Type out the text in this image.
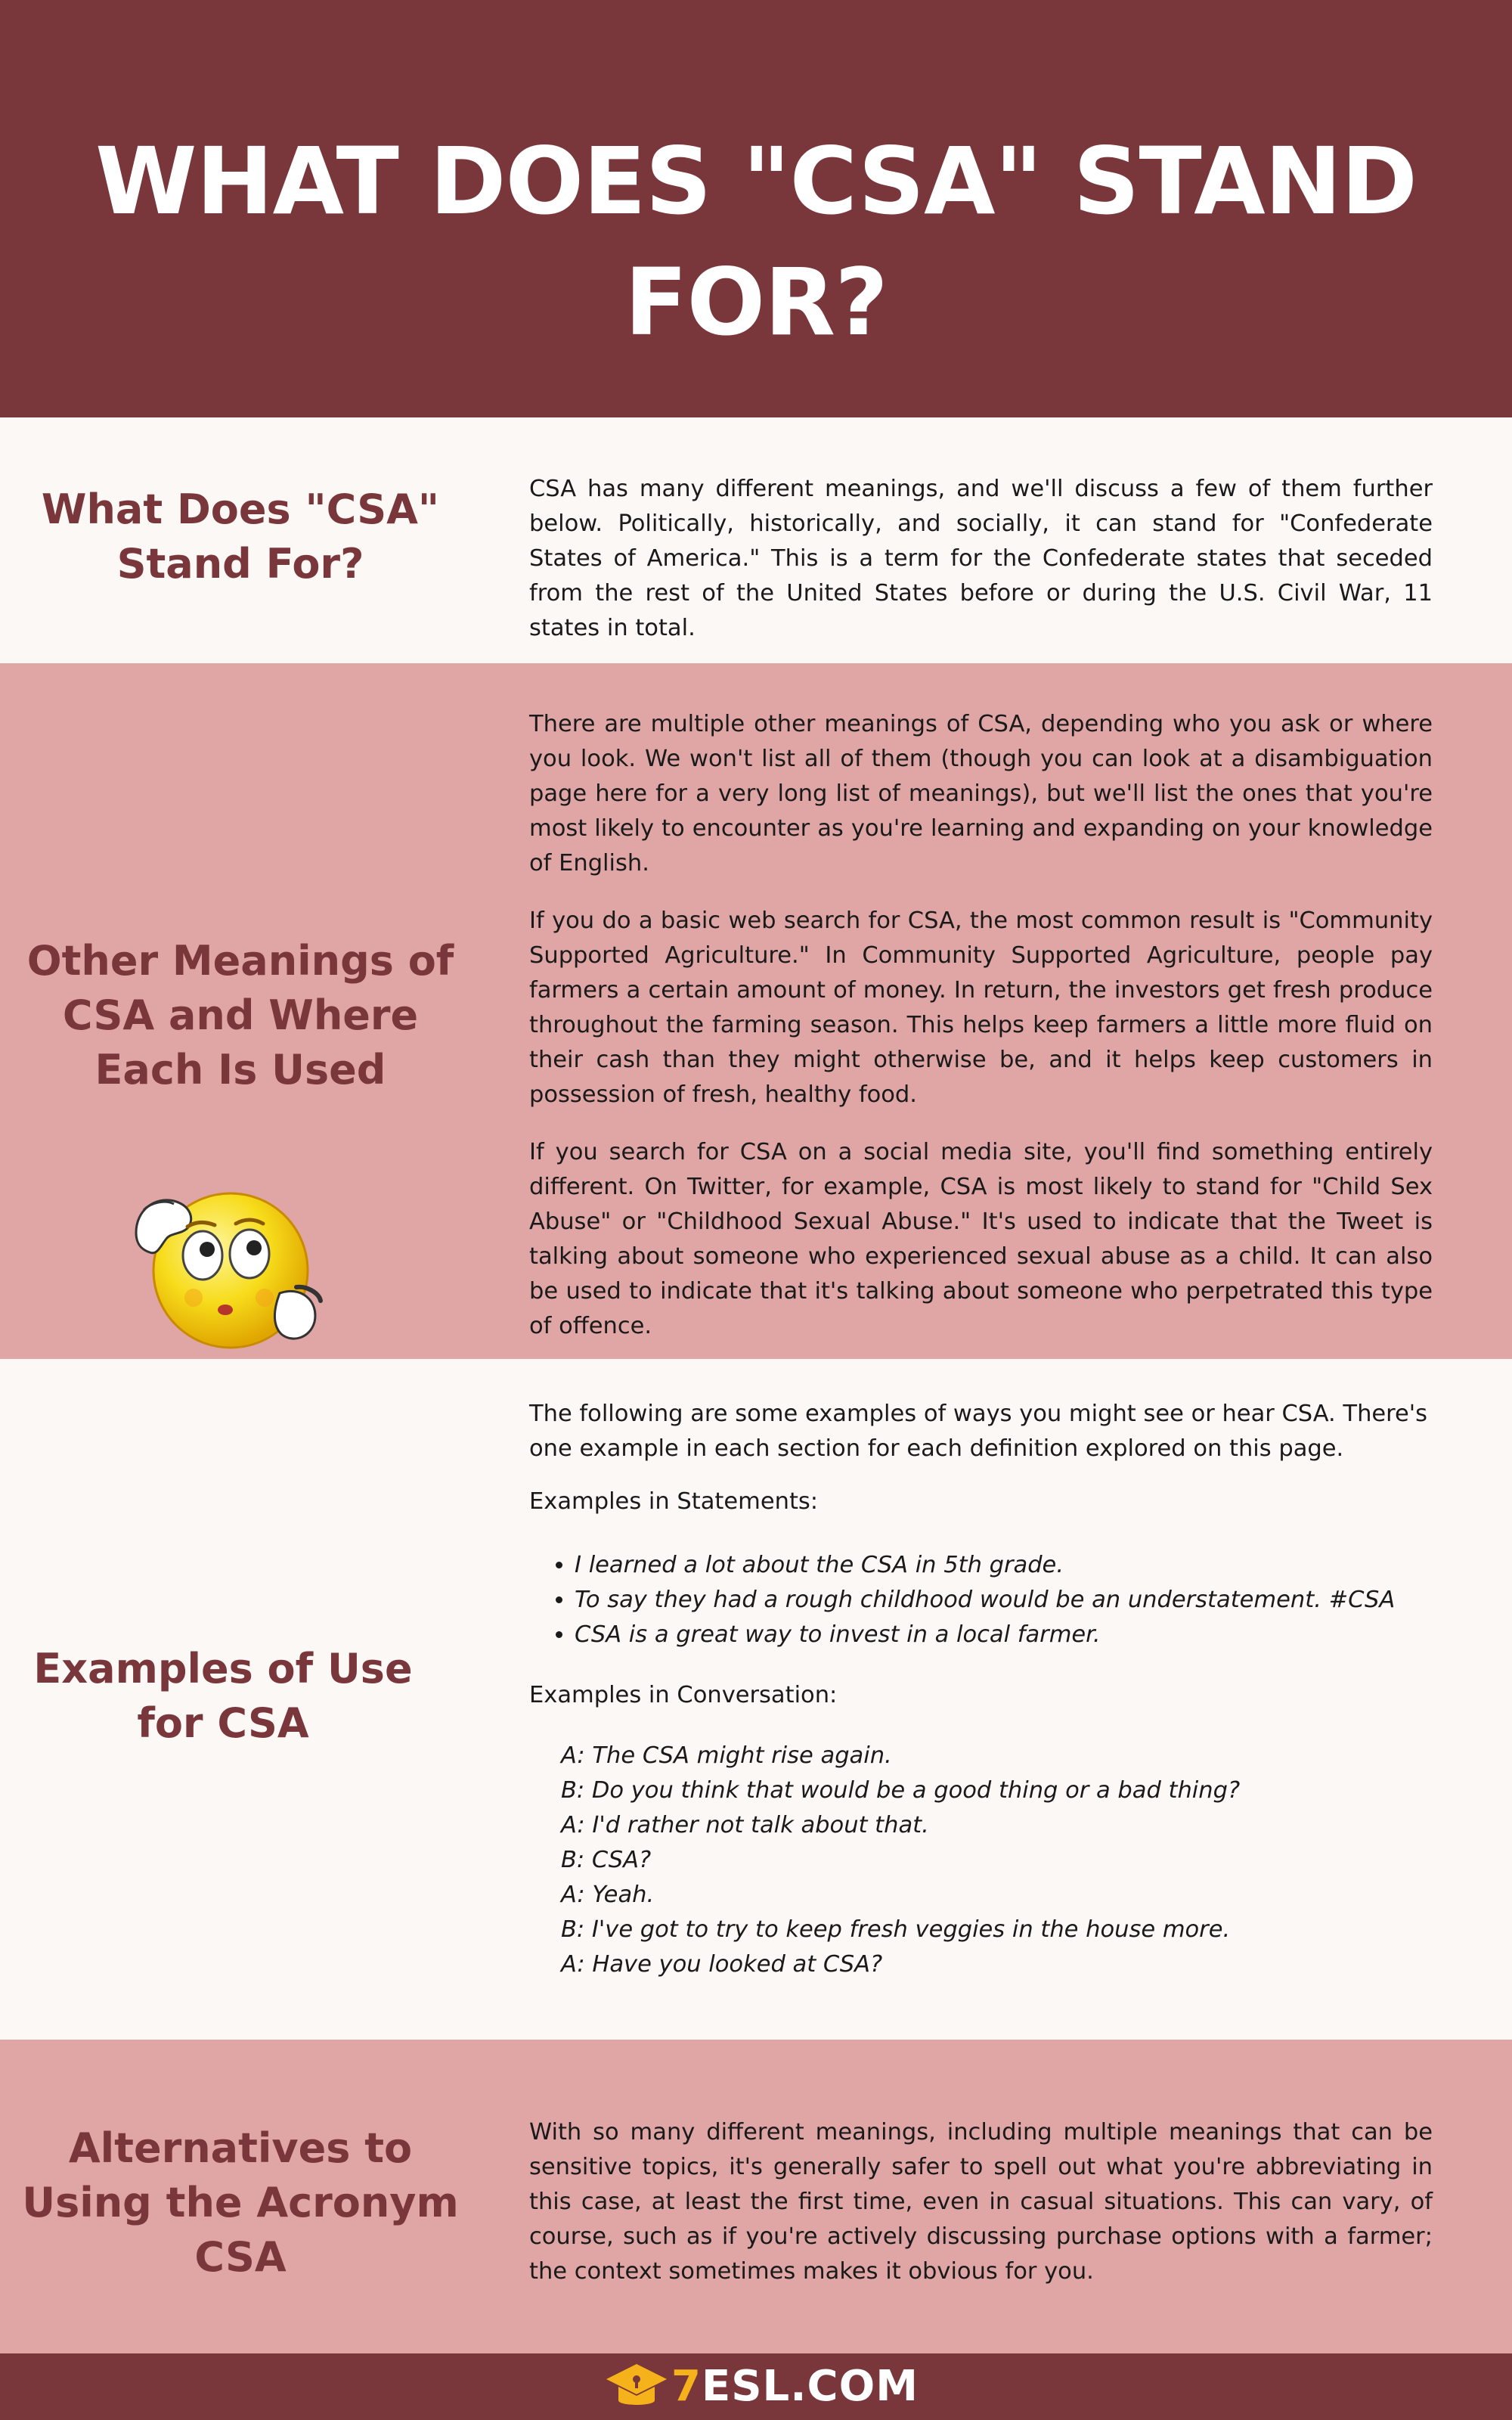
WHAT DOES "CSA" STAND FOR?
What Does "CSA"
Stand For?

CSA has many different meanings, and we'll discuss a few of them further below. Politically, historically, and socially, it can stand for "Confederate States of America." This is a term for the Confederate states that seceded from the rest of the United States before or during the U.S. Civil War, 11 states in total.

Other Meanings of
CSA and Where
Each Is Used

There are multiple other meanings of CSA, depending who you ask or where you look. We won't list all of them (though you can look at a disambiguation page here for a very long list of meanings), but we'll list the ones that you're most likely to encounter as you're learning and expanding on your knowledge of English.

If you do a basic web search for CSA, the most common result is "Community Supported Agriculture." In Community Supported Agriculture, people pay farmers a certain amount of money. In return, the investors get fresh produce throughout the farming season. This helps keep farmers a little more fluid on their cash than they might otherwise be, and it helps keep customers in possession of fresh, healthy food.

If you search for CSA on a social media site, you'll find something entirely different. On Twitter, for example, CSA is most likely to stand for "Child Sex Abuse" or "Childhood Sexual Abuse." It's used to indicate that the Tweet is talking about someone who experienced sexual abuse as a child. It can also be used to indicate that it's talking about someone who perpetrated this type of offence.

Examples of Use
for CSA

The following are some examples of ways you might see or hear CSA. There's one example in each section for each definition explored on this page.

Examples in Statements:

• I learned a lot about the CSA in 5th grade.
• To say they had a rough childhood would be an understatement. #CSA
• CSA is a great way to invest in a local farmer.

Examples in Conversation:

A: The CSA might rise again.
B: Do you think that would be a good thing or a bad thing?
A: I'd rather not talk about that.
B: CSA?
A: Yeah.
B: I've got to try to keep fresh veggies in the house more.
A: Have you looked at CSA?
Alternatives to
Using the Acronym
CSA

With so many different meanings, including multiple meanings that can be sensitive topics, it's generally safer to spell out what you're abbreviating in this case, at least the first time, even in casual situations. This can vary, of course, such as if you're actively discussing purchase options with a farmer; the context sometimes makes it obvious for you.

7ESL.COM
